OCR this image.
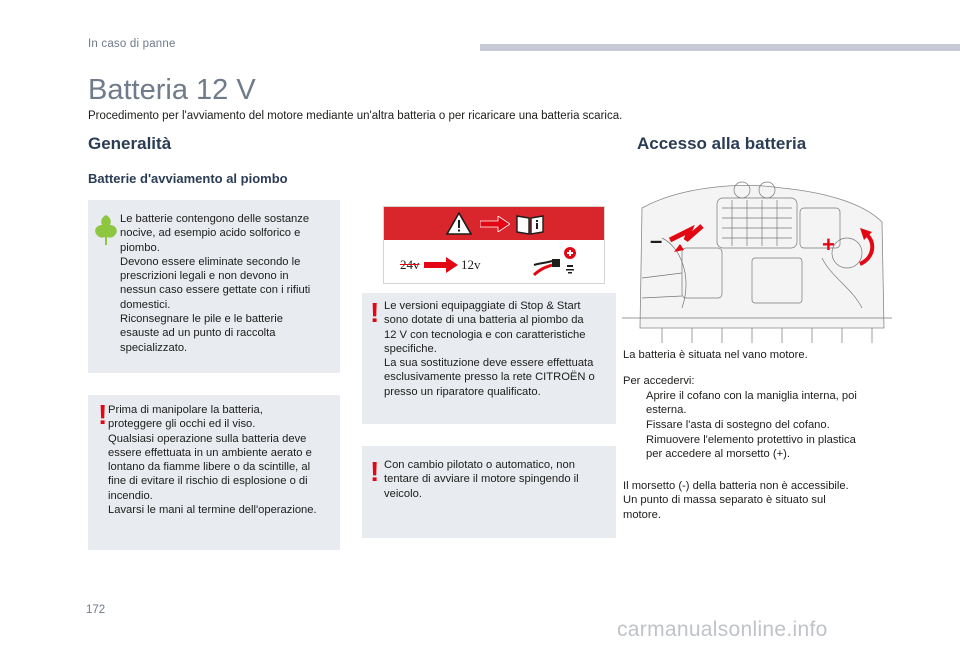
In caso di panne
Batteria 12 V
Procedimento per l'avviamento del motore mediante un'altra batteria o per ricaricare una batteria scarica.
Generalità	Accesso alla batteria
Batterie d'avviamento al piombo
Le batterie contengono delle sostanze
nocive, ad esempio acido solforico e
piombo.
Devono essere eliminate secondo le
prescrizioni legali e non devono in
nessun caso essere gettate con i rifiuti
domestici.
Riconsegnare le pile e le batterie
esauste ad un punto di raccolta
specializzato.
! Prima di manipolare la batteria,
proteggere gli occhi ed il viso.
Qualsiasi operazione sulla batteria deve
essere effettuata in un ambiente aerato e
lontano da fiamme libere o da scintille, al
fine di evitare il rischio di esplosione o di
incendio.
Lavarsi le mani al termine dell'operazione.
24v	12v
! Le versioni equipaggiate di Stop & Start
sono dotate di una batteria al piombo da
12 V con tecnologia e con caratteristiche
specifiche.
La sua sostituzione deve essere effettuata
esclusivamente presso la rete CITROËN o
presso un riparatore qualificato.
! Con cambio pilotato o automatico, non
tentare di avviare il motore spingendo il
veicolo.
–	+
La batteria è situata nel vano motore.
Per accedervi:
Aprire il cofano con la maniglia interna, poi
esterna.
Fissare l'asta di sostegno del cofano.
Rimuovere l'elemento protettivo in plastica
per accedere al morsetto (+).
Il morsetto (-) della batteria non è accessibile.
Un punto di massa separato è situato sul
motore.
172
carmanualsonline.info
